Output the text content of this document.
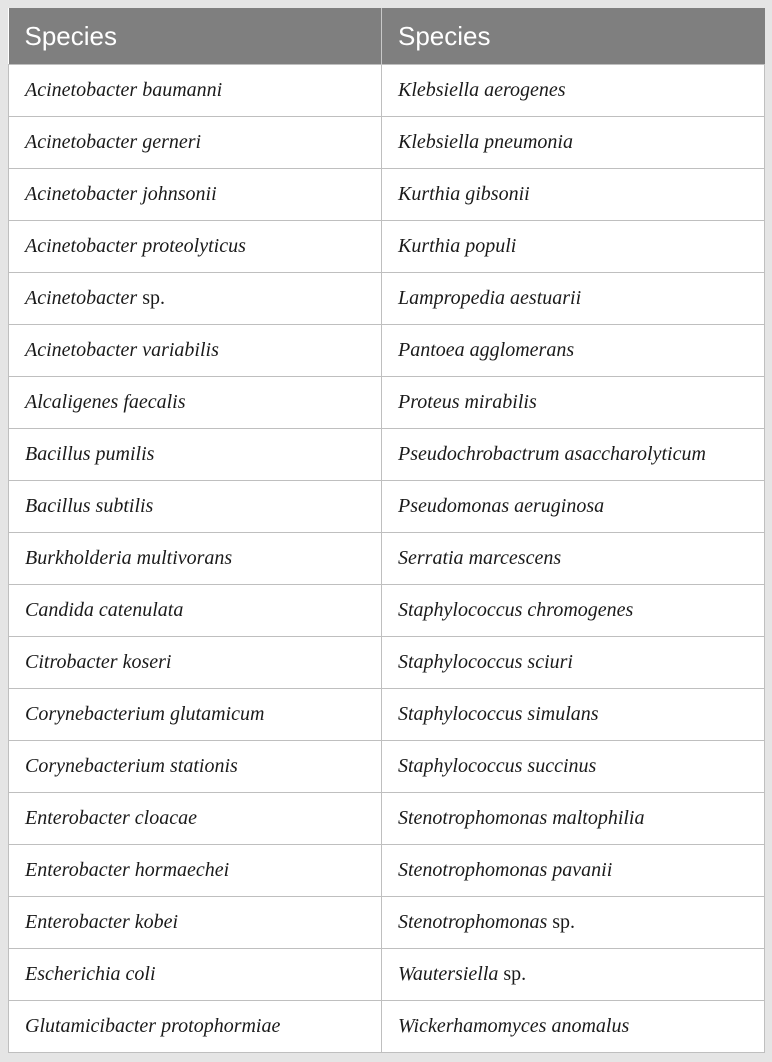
Species	Species
Acinetobacter baumanni	Klebsiella aerogenes
Acinetobacter gerneri	Klebsiella pneumonia
Acinetobacter johnsonii	Kurthia gibsonii
Acinetobacter proteolyticus	Kurthia populi
Acinetobacter sp.	Lampropedia aestuarii
Acinetobacter variabilis	Pantoea agglomerans
Alcaligenes faecalis	Proteus mirabilis
Bacillus pumilis	Pseudochrobactrum asaccharolyticum
Bacillus subtilis	Pseudomonas aeruginosa
Burkholderia multivorans	Serratia marcescens
Candida catenulata	Staphylococcus chromogenes
Citrobacter koseri	Staphylococcus sciuri
Corynebacterium glutamicum	Staphylococcus simulans
Corynebacterium stationis	Staphylococcus succinus
Enterobacter cloacae	Stenotrophomonas maltophilia
Enterobacter hormaechei	Stenotrophomonas pavanii
Enterobacter kobei	Stenotrophomonas sp.
Escherichia coli	Wautersiella sp.
Glutamicibacter protophormiae	Wickerhamomyces anomalus
